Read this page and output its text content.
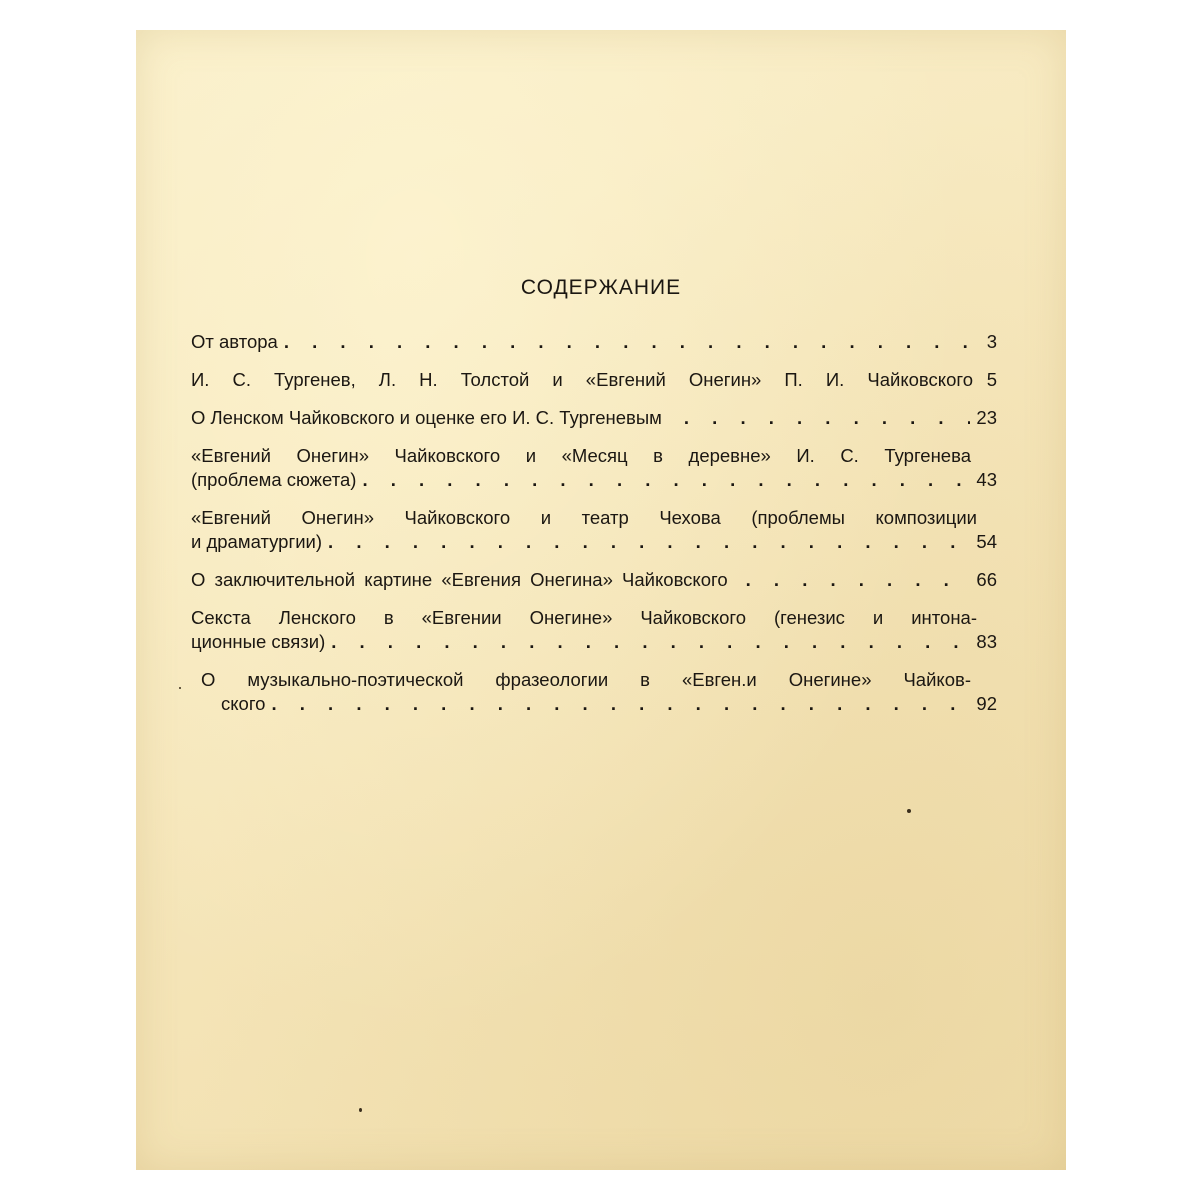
СОДЕРЖАНИЕ
От автора . . .	3
И. С. Тургенев, Л. Н. Толстой и «Евгений Онегин» П. И. Чайковского 5
О Ленском Чайковского и оценке его И. С. Тургеневым . . .	23
«Евгений Онегин» Чайковского и «Месяц в деревне» И. С. Тургенева
(проблема сюжета) . . .	43
«Евгений Онегин» Чайковского и театр Чехова (проблемы композиции
и драматургии) . . .	54
О заключительной картине «Евгения Онегина» Чайковского . . .	66
Секста Ленского в «Евгении Онегине» Чайковского (генезис и интона-
ционные связи) . . .	83
О музыкально-поэтической фразеологии в «Евген.и Онегине» Чайков-
ского . . .	92
